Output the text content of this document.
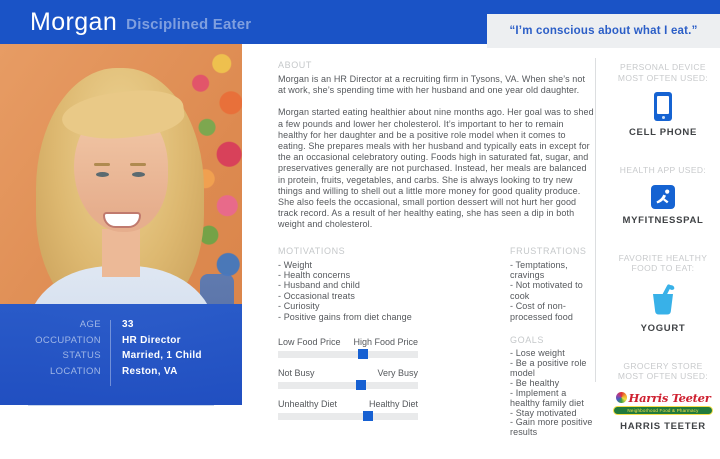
Morgan Disciplined Eater	“I’m conscious about what I eat.”
AGE 33
OCCUPATION HR Director
STATUS Married, 1 Child
LOCATION Reston, VA
ABOUT

Morgan is an HR Director at a recruiting firm in Tysons, VA. When she’s not at work, she’s spending time with her husband and one year old daughter.

Morgan started eating healthier about nine months ago. Her goal was to shed a few pounds and lower her cholesterol. It’s important to her to remain healthy for her daughter and be a positive role model when it comes to eating. She prepares meals with her husband and typically eats in except for the an occasional celebratory outing. Foods high in saturated fat, sugar, and preservatives generally are not purchased. Instead, her meals are balanced in protein, fruits, vegetables, and carbs. She is always looking to try new things and willing to shell out a little more money for good quality produce. She also feels the occasional, small portion dessert will not hurt her good track record. As a result of her healthy eating, she has seen a dip in both weight and cholesterol.

MOTIVATIONS
- Weight
- Health concerns
- Husband and child
- Occasional treats
- Curiosity
- Positive gains from diet change
FRUSTRATIONS
- Temptations, cravings
- Not motivated to cook
- Cost of non-processed food
Low Food Price High Food Price
Not Busy	Very Busy
Unhealthy Diet	Healthy Diet
GOALS
- Lose weight
- Be a positive role model
- Be healthy
- Implement a healthy family diet
- Stay motivated
- Gain more positive results
PERSONAL DEVICE
MOST OFTEN USED:
CELL PHONE
HEALTH APP USED:
MYFITNESSPAL
FAVORITE HEALTHY
FOOD TO EAT:
YOGURT
GROCERY STORE
MOST OFTEN USED:
Harris Teeter
Neighborhood Food & Pharmacy
HARRIS TEETER
